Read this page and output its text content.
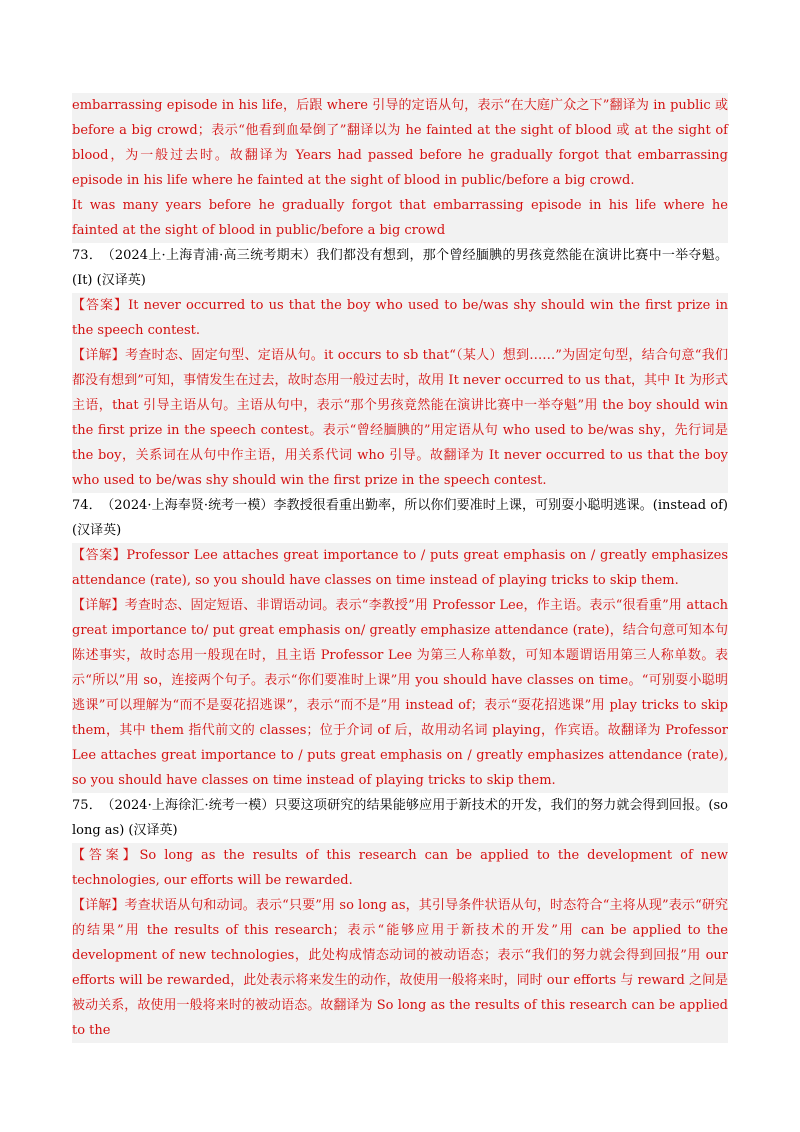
embarrassing episode in his life，后跟 where 引导的定语从句，表示“在大庭广众之下”翻译为 in public 或 before a big crowd；表示“他看到血晕倒了”翻译以为 he fainted at the sight of blood 或 at the sight of blood，为一般过去时。故翻译为 Years had passed before he gradually forgot that embarrassing episode in his life where he fainted at the sight of blood in public/before a big crowd.

It was many years before he gradually forgot that embarrassing episode in his life where he fainted at the sight of blood in public/before a big crowd

73． （2024上·上海青浦·高三统考期末）我们都没有想到，那个曾经腼腆的男孩竟然能在演讲比赛中一举夺魁。 (It) (汉译英)

【答案】It never occurred to us that the boy who used to be/was shy should win the first prize in the speech contest.

【详解】考查时态、固定句型、定语从句。it occurs to sb that“（某人）想到……”为固定句型，结合句意“我们都没有想到”可知，事情发生在过去，故时态用一般过去时，故用 It never occurred to us that，其中 It 为形式主语，that 引导主语从句。主语从句中，表示“那个男孩竟然能在演讲比赛中一举夺魁”用 the boy should win the first prize in the speech contest。表示“曾经腼腆的”用定语从句 who used to be/was shy，先行词是 the boy，关系词在从句中作主语，用关系代词 who 引导。故翻译为 It never occurred to us that the boy who used to be/was shy should win the first prize in the speech contest.

74． （2024·上海奉贤·统考一模）李教授很看重出勤率，所以你们要准时上课，可别耍小聪明逃课。(instead of) (汉译英)

【答案】Professor Lee attaches great importance to / puts great emphasis on / greatly emphasizes attendance (rate), so you should have classes on time instead of playing tricks to skip them.

【详解】考查时态、固定短语、非谓语动词。表示“李教授”用 Professor Lee，作主语。表示“很看重”用 attach great importance to/ put great emphasis on/ greatly emphasize attendance (rate)，结合句意可知本句陈述事实，故时态用一般现在时，且主语 Professor Lee 为第三人称单数，可知本题谓语用第三人称单数。表示“所以”用 so，连接两个句子。表示“你们要准时上课”用 you should have classes on time。“可别耍小聪明逃课”可以理解为“而不是耍花招逃课”，表示“而不是”用 instead of；表示“耍花招逃课”用 play tricks to skip them，其中 them 指代前文的 classes；位于介词 of 后，故用动名词 playing，作宾语。故翻译为 Professor Lee attaches great importance to / puts great emphasis on / greatly emphasizes attendance (rate), so you should have classes on time instead of playing tricks to skip them.

75． （2024·上海徐汇·统考一模）只要这项研究的结果能够应用于新技术的开发，我们的努力就会得到回报。(so long as) (汉译英)

【答案】So long as the results of this research can be applied to the development of new technologies, our efforts will be rewarded.

【详解】考查状语从句和动词。表示“只要”用 so long as，其引导条件状语从句，时态符合“主将从现”表示“研究的结果”用 the results of this research；表示“能够应用于新技术的开发”用 can be applied to the development of new technologies，此处构成情态动词的被动语态；表示“我们的努力就会得到回报”用 our efforts will be rewarded，此处表示将来发生的动作，故使用一般将来时，同时 our efforts 与 reward 之间是被动关系，故使用一般将来时的被动语态。故翻译为 So long as the results of this research can be applied to the
